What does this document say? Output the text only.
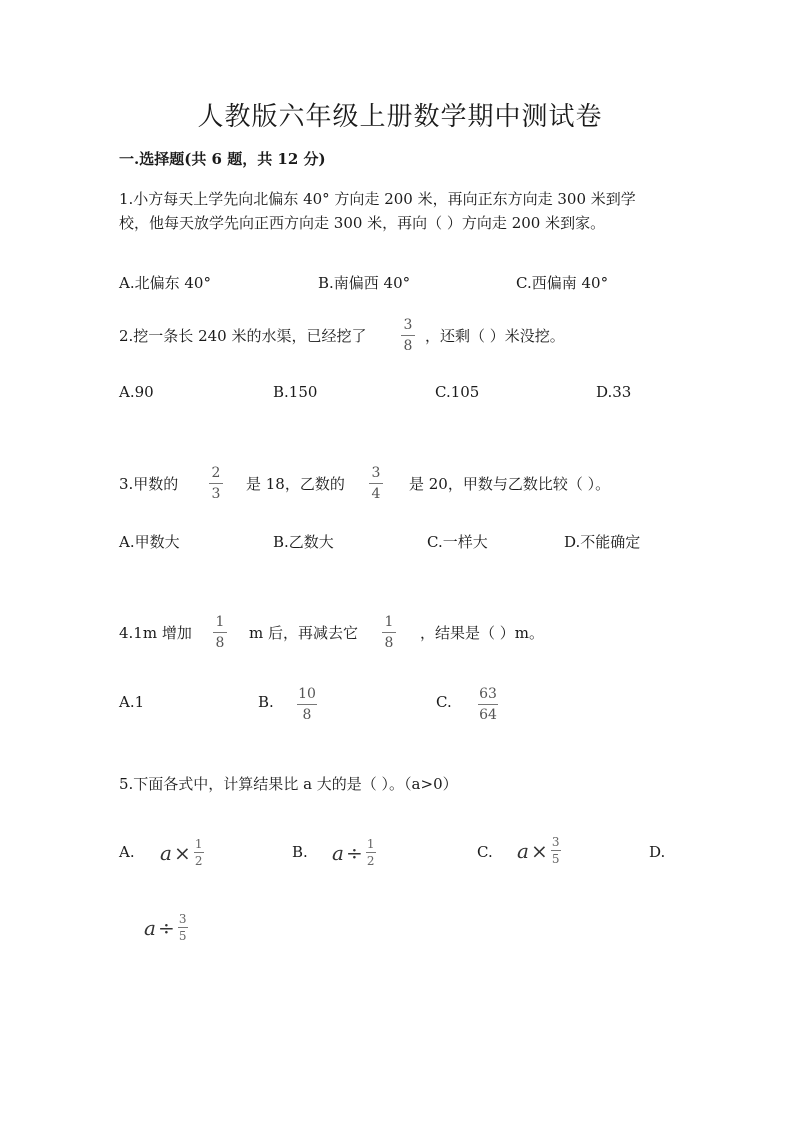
人教版六年级上册数学期中测试卷
一.选择题(共 6 题，共 12 分)
1.小方每天上学先向北偏东 40° 方向走 200 米，再向正东方向走 300 米到学
校，他每天放学先向正西方向走 300 米，再向（ ）方向走 200 米到家。
A.北偏东 40°	B.南偏西 40°	C.西偏南 40°
2.挖一条长 240 米的水渠，已经挖了
3
8
，还剩（ ）米没挖。
A.90	B.150	C.105	D.33
3.甲数的
2
3
是 18，乙数的
3
4
是 20，甲数与乙数比较（ ）。
A.甲数大	B.乙数大	C.一样大	D.不能确定
4.1m 增加
1
8
m 后，再减去它
1
8
，结果是（ ）m。
A.1	B. 10
8
C. 63
64
5.下面各式中，计算结果比 a 大的是（ ）。（a>0）
A. a × 1
2	B. a ÷ 1
2	C. a × 3
5	D.
a ÷ 3
5
